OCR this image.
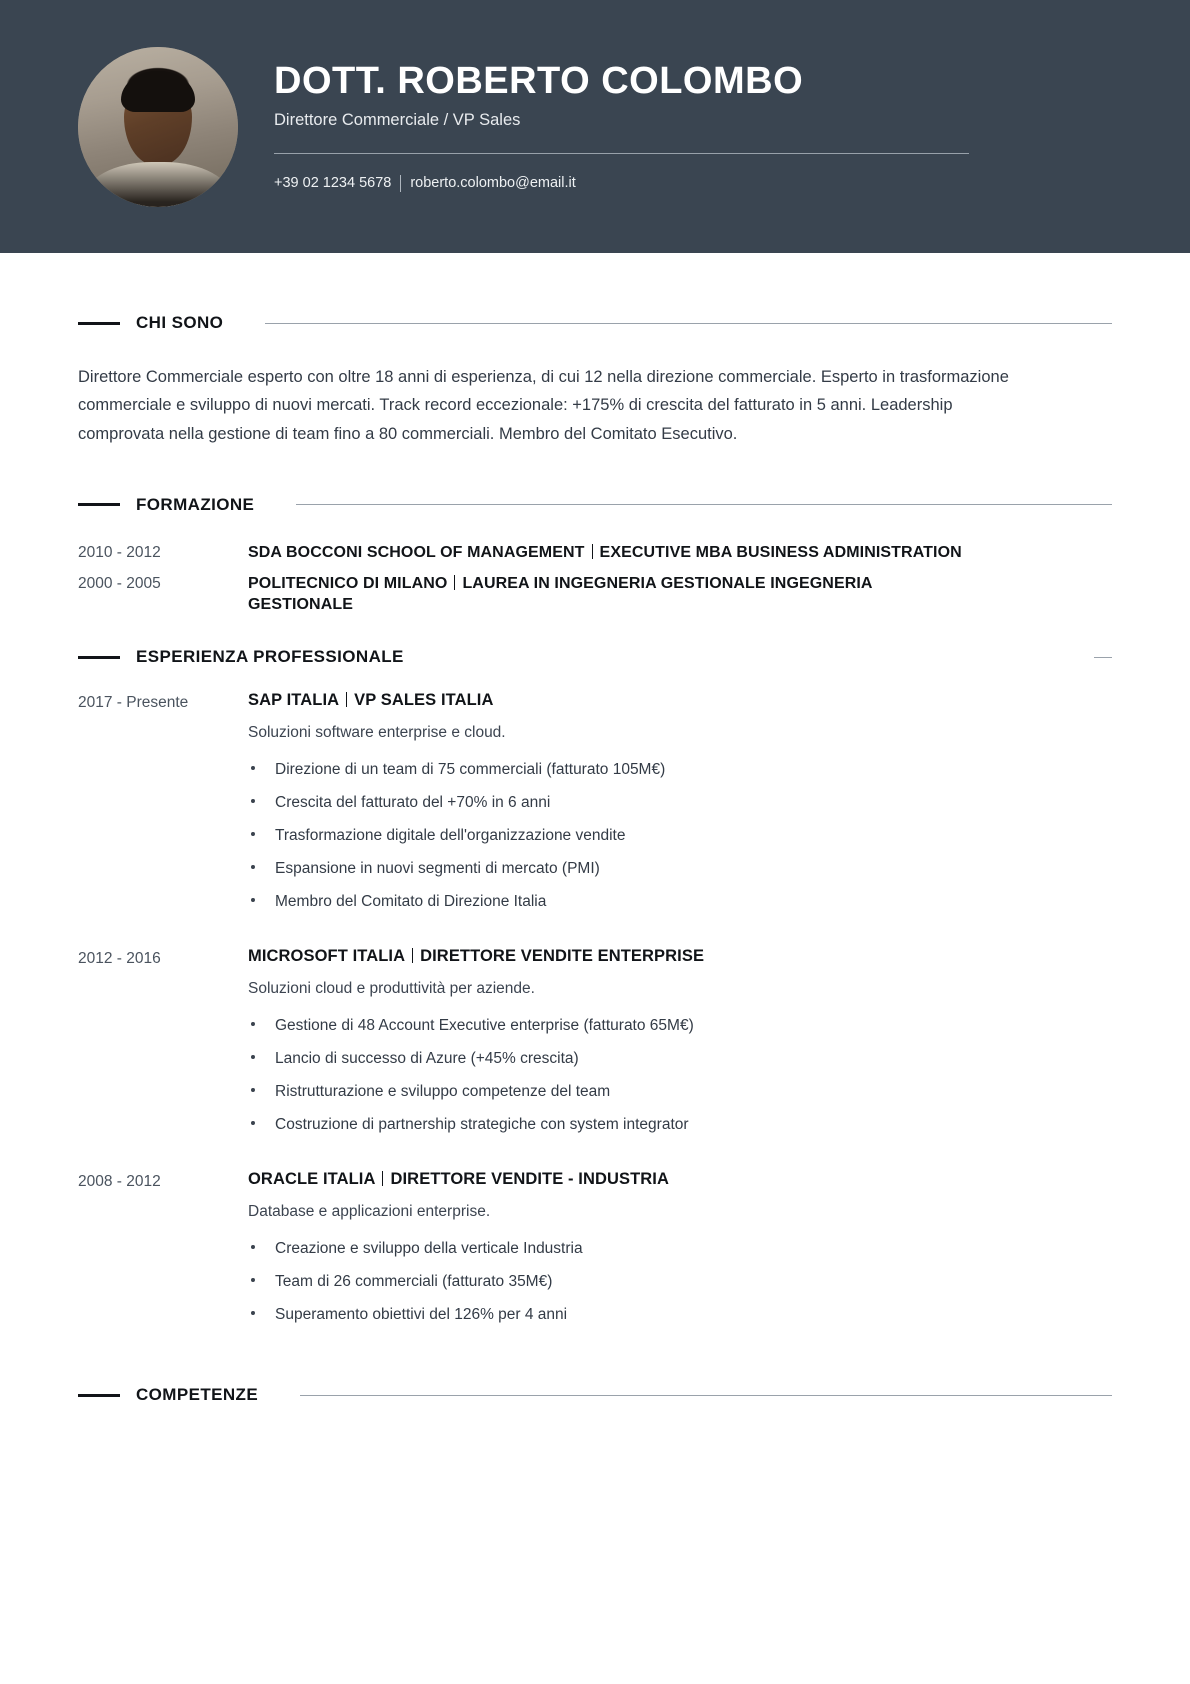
DOTT. ROBERTO COLOMBO
Direttore Commerciale / VP Sales
+39 02 1234 5678 roberto.colombo@email.it
CHI SONO

Direttore Commerciale esperto con oltre 18 anni di esperienza, di cui 12 nella direzione commerciale. Esperto in trasformazione commerciale e sviluppo di nuovi mercati. Track record eccezionale: +175% di crescita del fatturato in 5 anni. Leadership comprovata nella gestione di team fino a 80 commerciali. Membro del Comitato Esecutivo.

FORMAZIONE
2010 - 2012	SDA BOCCONI SCHOOL OF MANAGEMENT EXECUTIVE MBA BUSINESS ADMINISTRATION
2000 - 2005	POLITECNICO DI MILANO LAUREA IN INGEGNERIA GESTIONALE INGEGNERIA GESTIONALE
ESPERIENZA PROFESSIONALE
2017 - Presente	SAP ITALIA VP SALES ITALIA
Soluzioni software enterprise e cloud.
Direzione di un team di 75 commerciali (fatturato 105M€)
Crescita del fatturato del +70% in 6 anni
Trasformazione digitale dell'organizzazione vendite
Espansione in nuovi segmenti di mercato (PMI)
Membro del Comitato di Direzione Italia
2012 - 2016	MICROSOFT ITALIA DIRETTORE VENDITE ENTERPRISE
Soluzioni cloud e produttività per aziende.
Gestione di 48 Account Executive enterprise (fatturato 65M€)
Lancio di successo di Azure (+45% crescita)
Ristrutturazione e sviluppo competenze del team
Costruzione di partnership strategiche con system integrator
2008 - 2012	ORACLE ITALIA DIRETTORE VENDITE - INDUSTRIA
Database e applicazioni enterprise.
Creazione e sviluppo della verticale Industria
Team di 26 commerciali (fatturato 35M€)
Superamento obiettivi del 126% per 4 anni
COMPETENZE
